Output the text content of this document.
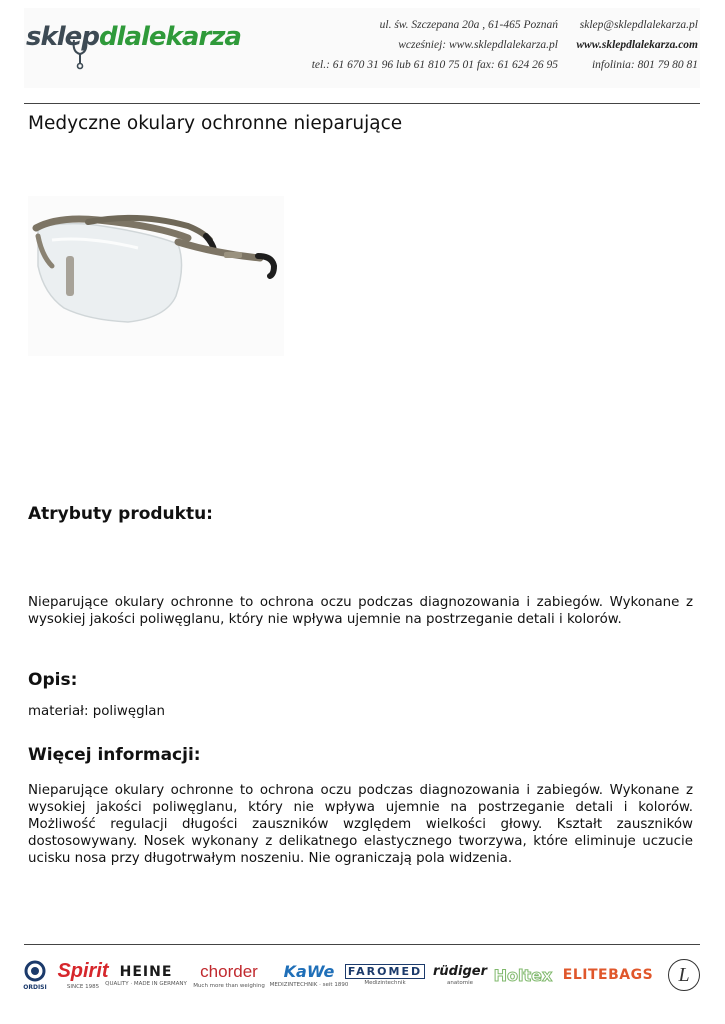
sklepdlalekarza	ul. św. Szczepana 20a , 61-465 Poznań
wcześniej: www.sklepdlalekarza.pl
tel.: 61 670 31 96 lub 61 810 75 01 fax: 61 624 26 95
sklep@sklepdlalekarza.pl
www.sklepdlalekarza.com
infolinia: 801 79 80 81
Medyczne okulary ochronne nieparujące
Atrybuty produktu:

Nieparujące okulary ochronne to ochrona oczu podczas diagnozowania i zabiegów. Wykonane z wysokiej jakości poliwęglanu, który nie wpływa ujemnie na postrzeganie detali i kolorów.

Opis:

materiał: poliwęglan

Więcej informacji:

Nieparujące okulary ochronne to ochrona oczu podczas diagnozowania i zabiegów. Wykonane z wysokiej jakości poliwęglanu, który nie wpływa ujemnie na postrzeganie detali i kolorów. Możliwość regulacji długości zauszników względem wielkości głowy. Kształt zauszników dostosowywany. Nosek wykonany z delikatnego elastycznego tworzywa, które eliminuje uczucie ucisku nosa przy długotrwałym noszeniu. Nie ograniczają pola widzenia.

ORDISI
Spirit
SINCE 1985
HEINE
QUALITY · MADE IN GERMANY
chorder
Much more than weighing
KaWe
MEDIZINTECHNIK · seit 1890
FAROMED
Medizintechnik
rüdiger
anatomie Holtex ELITEBAGS L
